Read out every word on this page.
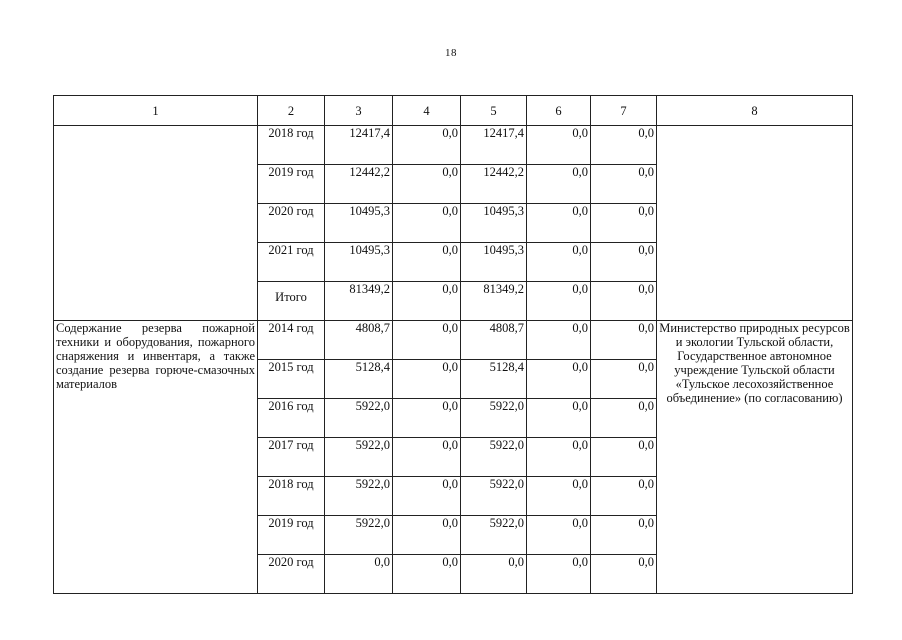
18
1	2	3	4	5	6	7	8
	2018 год	12417,4	0,0	12417,4	0,0	0,0	
	2019 год	12442,2	0,0	12442,2	0,0	0,0	
	2020 год	10495,3	0,0	10495,3	0,0	0,0	
	2021 год	10495,3	0,0	10495,3	0,0	0,0	
	Итого	81349,2	0,0	81349,2	0,0	0,0	
Содержание резерва пожарной техники и оборудования, пожарного снаряжения и инвентаря, а также создание резерва горюче-смазочных материалов	2014 год	4808,7	0,0	4808,7	0,0	0,0	Министерство природных ресурсов и экологии Тульской области, Государственное автономное учреждение Тульской области «Тульское лесохозяйственное объединение» (по согласованию)
	2015 год	5128,4	0,0	5128,4	0,0	0,0	
	2016 год	5922,0	0,0	5922,0	0,0	0,0	
	2017 год	5922,0	0,0	5922,0	0,0	0,0	
	2018 год	5922,0	0,0	5922,0	0,0	0,0	
	2019 год	5922,0	0,0	5922,0	0,0	0,0	
	2020 год	0,0	0,0	0,0	0,0	0,0	
